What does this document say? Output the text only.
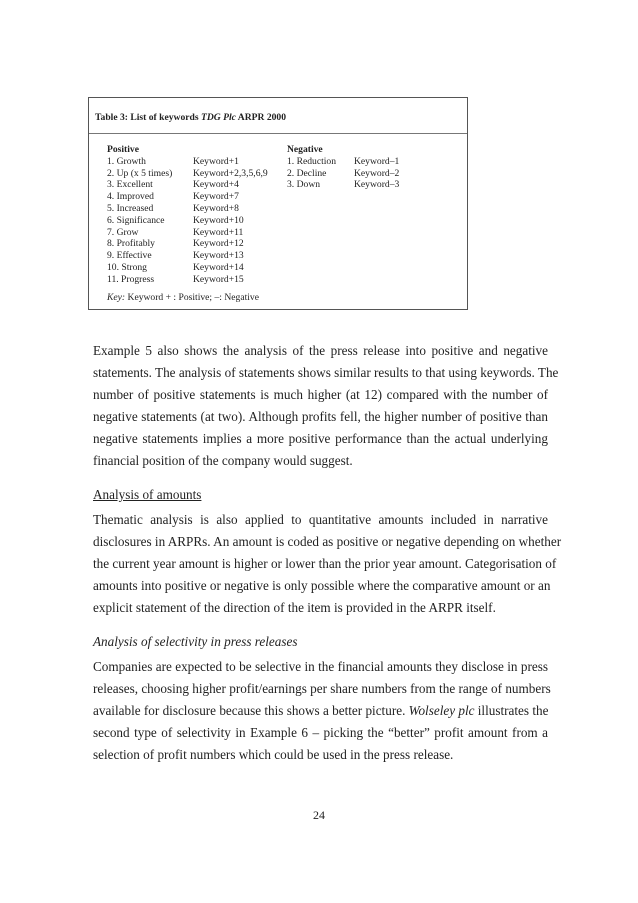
Table 3: List of keywords TDG Plc ARPR 2000
Positive
1. Growth
2. Up (x 5 times)
3. Excellent
4. Improved
5. Increased
6. Significance
7. Grow
8. Profitably
9. Effective
10. Strong
11. Progress
Keyword+1
Keyword+2,3,5,6,9
Keyword+4
Keyword+7
Keyword+8
Keyword+10
Keyword+11
Keyword+12
Keyword+13
Keyword+14
Keyword+15
Negative
1. Reduction
2. Decline
3. Down
Keyword–1
Keyword–2
Keyword–3
Key: Keyword + : Positive; –: Negative
Example 5 also shows the analysis of the press release into positive and negative
statements. The analysis of statements shows similar results to that using keywords. The
number of positive statements is much higher (at 12) compared with the number of
negative statements (at two). Although profits fell, the higher number of positive than
negative statements implies a more positive performance than the actual underlying
financial position of the company would suggest.
Analysis of amounts
Thematic analysis is also applied to quantitative amounts included in narrative
disclosures in ARPRs. An amount is coded as positive or negative depending on whether
the current year amount is higher or lower than the prior year amount. Categorisation of
amounts into positive or negative is only possible where the comparative amount or an
explicit statement of the direction of the item is provided in the ARPR itself.
Analysis of selectivity in press releases
Companies are expected to be selective in the financial amounts they disclose in press
releases, choosing higher profit/earnings per share numbers from the range of numbers
available for disclosure because this shows a better picture. Wolseley plc illustrates the
second type of selectivity in Example 6 – picking the “better” profit amount from a
selection of profit numbers which could be used in the press release.
24
